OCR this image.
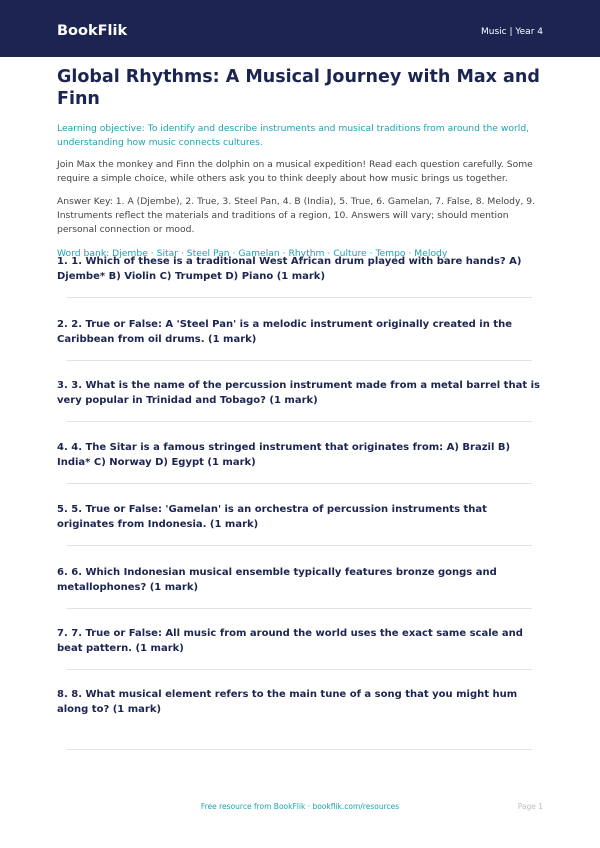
BookFlik	Music | Year 4
Global Rhythms: A Musical Journey with Max and Finn

Learning objective: To identify and describe instruments and musical traditions from around the world, understanding how music connects cultures.

Join Max the monkey and Finn the dolphin on a musical expedition! Read each question carefully. Some require a simple choice, while others ask you to think deeply about how music brings us together.

Answer Key: 1. A (Djembe), 2. True, 3. Steel Pan, 4. B (India), 5. True, 6. Gamelan, 7. False, 8. Melody, 9. Instruments reflect the materials and traditions of a region, 10. Answers will vary; should mention personal connection or mood.

Word bank: Djembe · Sitar · Steel Pan · Gamelan · Rhythm · Culture · Tempo · Melody

1. 1. Which of these is a traditional West African drum played with bare hands? A) Djembe* B) Violin C) Trumpet D) Piano (1 mark)
2. 2. True or False: A 'Steel Pan' is a melodic instrument originally created in the Caribbean from oil drums. (1 mark)
3. 3. What is the name of the percussion instrument made from a metal barrel that is very popular in Trinidad and Tobago? (1 mark)
4. 4. The Sitar is a famous stringed instrument that originates from: A) Brazil B) India* C) Norway D) Egypt (1 mark)
5. 5. True or False: 'Gamelan' is an orchestra of percussion instruments that originates from Indonesia. (1 mark)
6. 6. Which Indonesian musical ensemble typically features bronze gongs and metallophones? (1 mark)
7. 7. True or False: All music from around the world uses the exact same scale and beat pattern. (1 mark)
8. 8. What musical element refers to the main tune of a song that you might hum along to? (1 mark)
Free resource from BookFlik · bookflik.com/resources	Page 1
